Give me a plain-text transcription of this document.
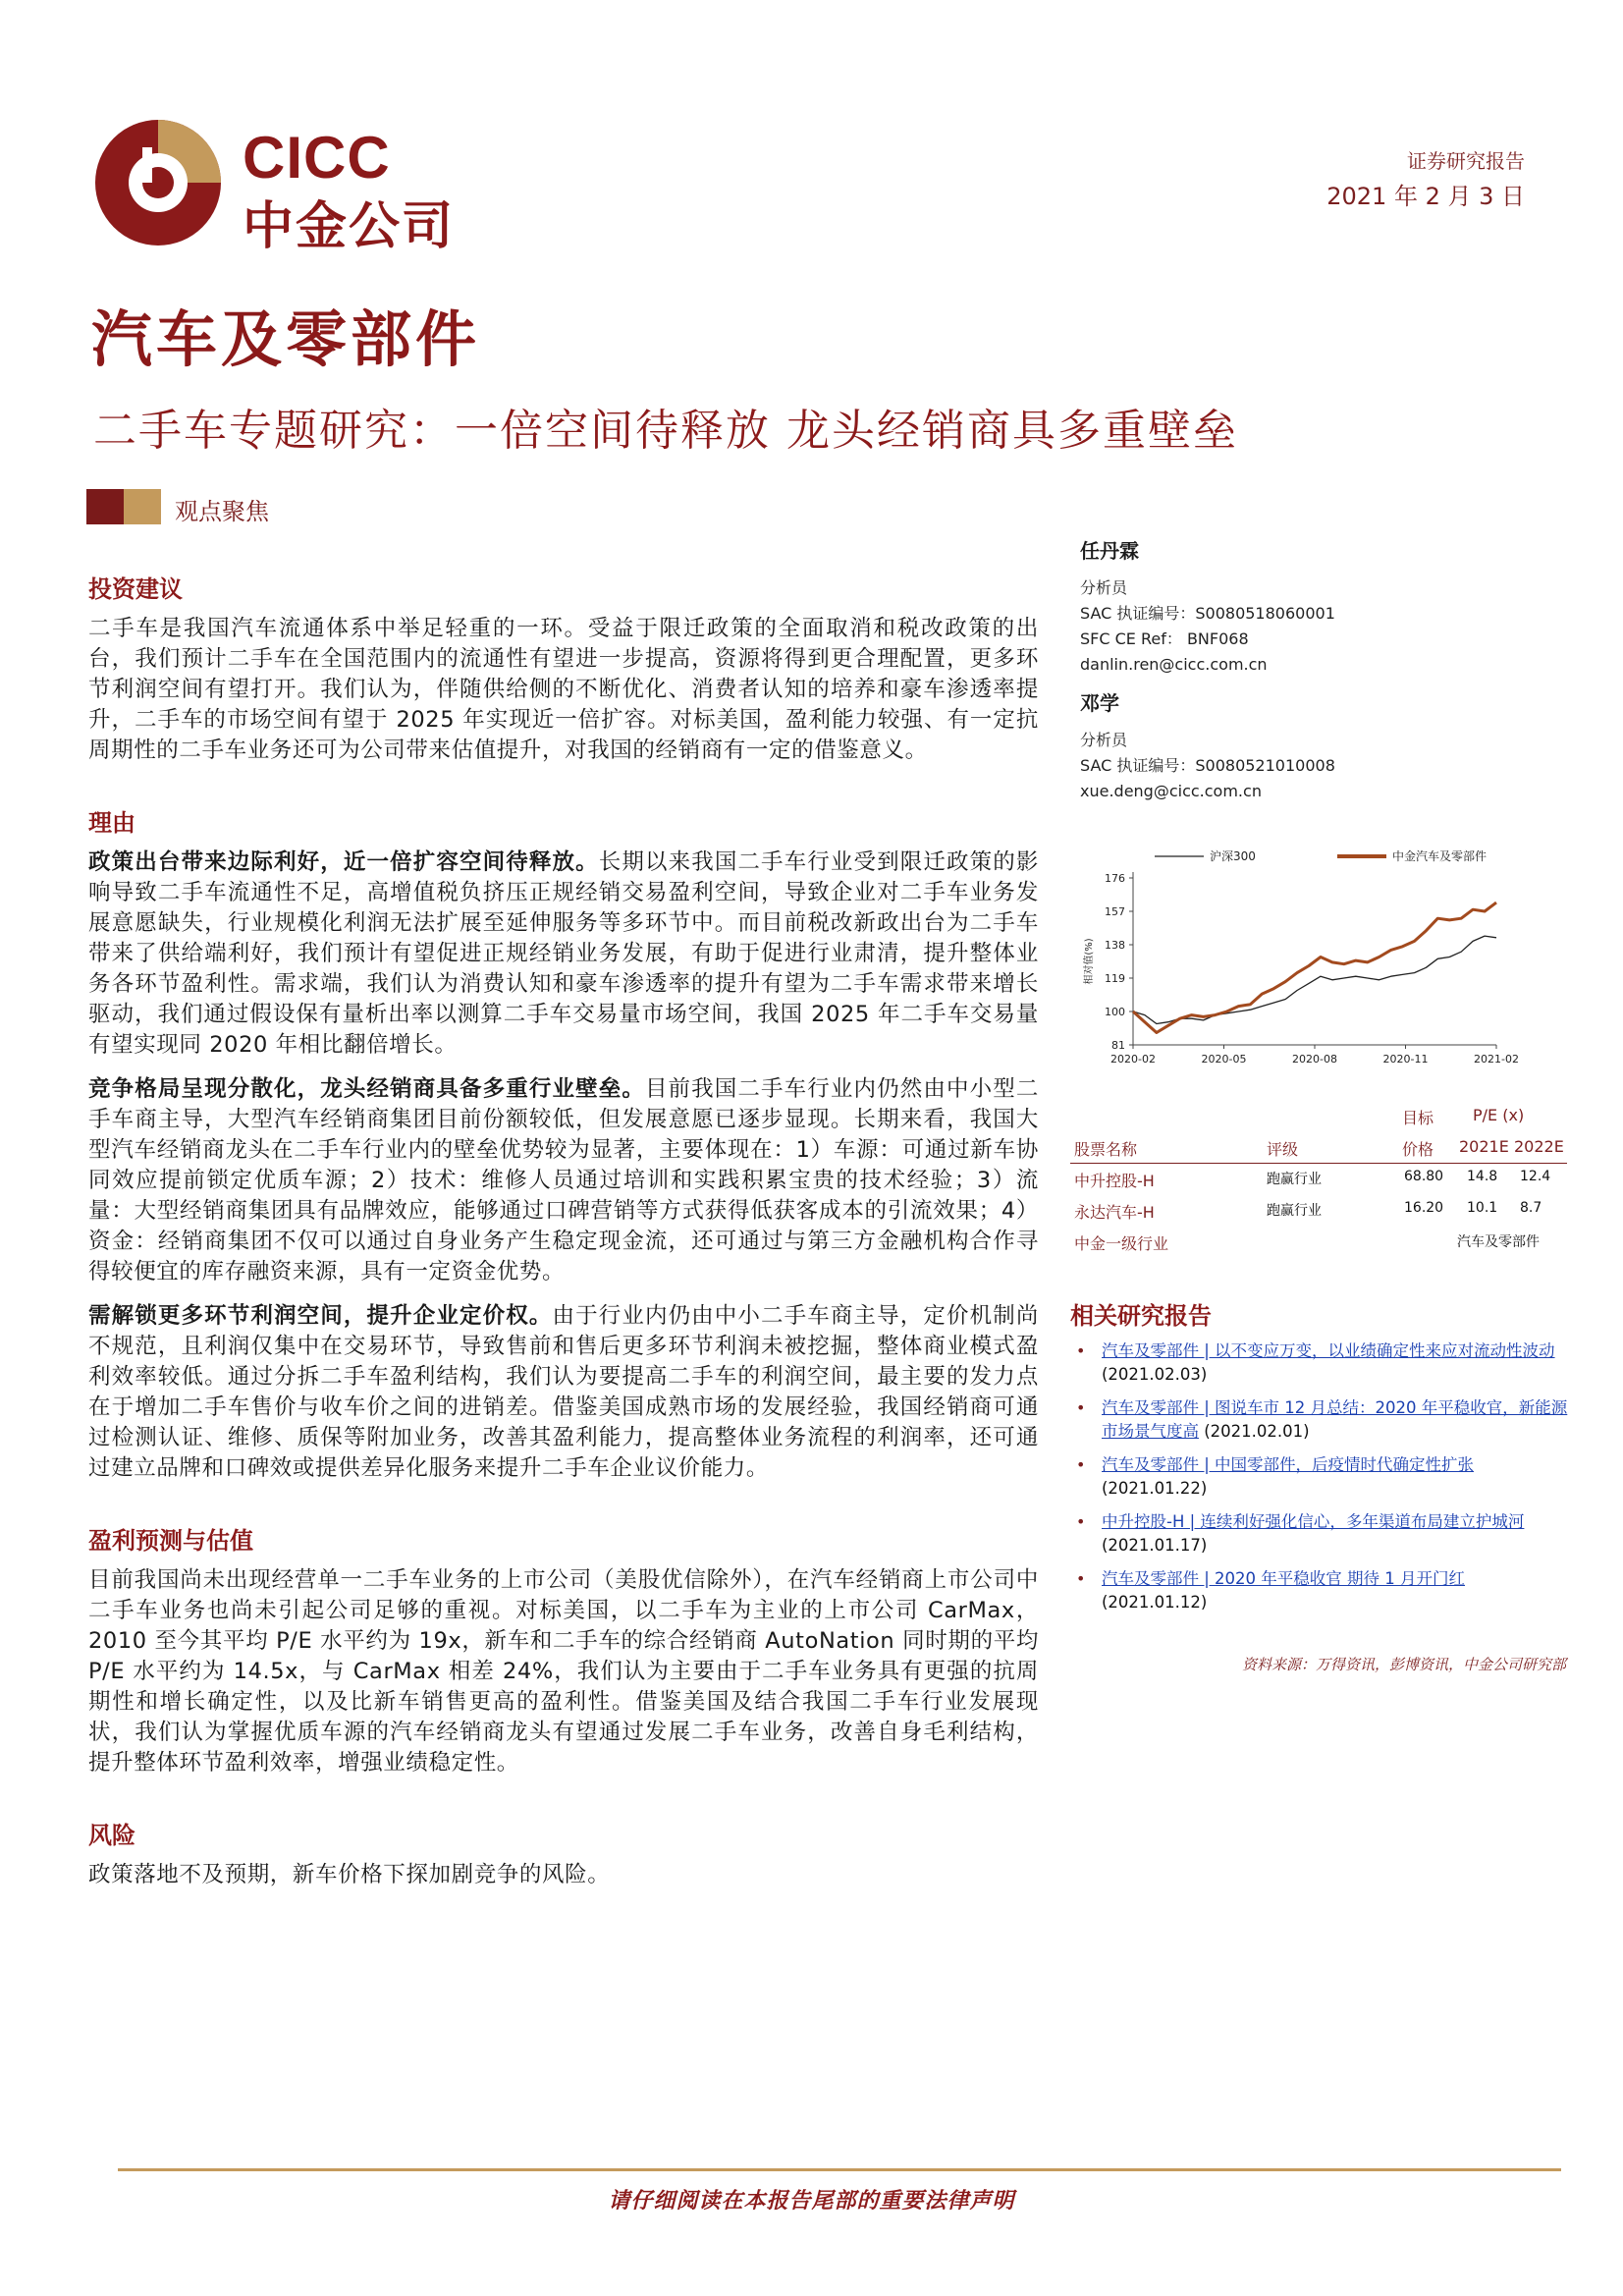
CICC
中金公司
证券研究报告
2021 年 2 月 3 日
汽车及零部件
二手车专题研究：一倍空间待释放 龙头经销商具多重壁垒
观点聚焦
投资建议
二手车是我国汽车流通体系中举足轻重的一环。受益于限迁政策的全面取消和税改政策的出台，我们预计二手车在全国范围内的流通性有望进一步提高，资源将得到更合理配置，更多环节利润空间有望打开。我们认为，伴随供给侧的不断优化、消费者认知的培养和豪车渗透率提升，二手车的市场空间有望于 2025 年实现近一倍扩容。对标美国，盈利能力较强、有一定抗周期性的二手车业务还可为公司带来估值提升，对我国的经销商有一定的借鉴意义。
理由
政策出台带来边际利好，近一倍扩容空间待释放。长期以来我国二手车行业受到限迁政策的影响导致二手车流通性不足，高增值税负挤压正规经销交易盈利空间，导致企业对二手车业务发展意愿缺失，行业规模化利润无法扩展至延伸服务等多环节中。而目前税改新政出台为二手车带来了供给端利好，我们预计有望促进正规经销业务发展，有助于促进行业肃清，提升整体业务各环节盈利性。需求端，我们认为消费认知和豪车渗透率的提升有望为二手车需求带来增长驱动，我们通过假设保有量析出率以测算二手车交易量市场空间，我国 2025 年二手车交易量有望实现同 2020 年相比翻倍增长。
竞争格局呈现分散化，龙头经销商具备多重行业壁垒。目前我国二手车行业内仍然由中小型二手车商主导，大型汽车经销商集团目前份额较低，但发展意愿已逐步显现。长期来看，我国大型汽车经销商龙头在二手车行业内的壁垒优势较为显著，主要体现在：1）车源：可通过新车协同效应提前锁定优质车源；2）技术：维修人员通过培训和实践积累宝贵的技术经验；3）流量：大型经销商集团具有品牌效应，能够通过口碑营销等方式获得低获客成本的引流效果；4）资金：经销商集团不仅可以通过自身业务产生稳定现金流，还可通过与第三方金融机构合作寻得较便宜的库存融资来源，具有一定资金优势。
需解锁更多环节利润空间，提升企业定价权。由于行业内仍由中小二手车商主导，定价机制尚不规范，且利润仅集中在交易环节，导致售前和售后更多环节利润未被挖掘，整体商业模式盈利效率较低。通过分拆二手车盈利结构，我们认为要提高二手车的利润空间，最主要的发力点在于增加二手车售价与收车价之间的进销差。借鉴美国成熟市场的发展经验，我国经销商可通过检测认证、维修、质保等附加业务，改善其盈利能力，提高整体业务流程的利润率，还可通过建立品牌和口碑效或提供差异化服务来提升二手车企业议价能力。
盈利预测与估值
目前我国尚未出现经营单一二手车业务的上市公司（美股优信除外），在汽车经销商上市公司中二手车业务也尚未引起公司足够的重视。对标美国，以二手车为主业的上市公司 CarMax，2010 至今其平均 P/E 水平约为 19x，新车和二手车的综合经销商 AutoNation 同时期的平均 P/E 水平约为 14.5x，与 CarMax 相差 24%，我们认为主要由于二手车业务具有更强的抗周期性和增长确定性，以及比新车销售更高的盈利性。借鉴美国及结合我国二手车行业发展现状，我们认为掌握优质车源的汽车经销商龙头有望通过发展二手车业务，改善自身毛利结构，提升整体环节盈利效率，增强业绩稳定性。
风险
政策落地不及预期，新车价格下探加剧竞争的风险。
任丹霖
分析员
SAC 执证编号：S0080518060001
SFC CE Ref： BNF068
danlin.ren@cicc.com.cn
邓学
分析员
SAC 执证编号：S0080521010008
xue.deng@cicc.com.cn
81
100
119
138
157
176
相对值(%)
2020-02	2020-05	2020-08	2020-11	2021-02
沪深300	中金汽车及零部件
目标 P/E (x)
股票名称	评级	价格 2021E 2022E
中升控股-H	跑赢行业	68.80 14.8 12.4
永达汽车-H	跑赢行业	16.20 10.1 8.7
中金一级行业	汽车及零部件
相关研究报告
• 汽车及零部件 | 以不变应万变，以业绩确定性来应对流动性波动 (2021.02.03)
• 汽车及零部件 | 图说车市 12 月总结：2020 年平稳收官，新能源市场景气度高 (2021.02.01)
• 汽车及零部件 | 中国零部件，后疫情时代确定性扩张 (2021.01.22)
• 中升控股-H | 连续利好强化信心，多年渠道布局建立护城河 (2021.01.17)
• 汽车及零部件 | 2020 年平稳收官 期待 1 月开门红 (2021.01.12)
资料来源：万得资讯，彭博资讯，中金公司研究部
请仔细阅读在本报告尾部的重要法律声明
